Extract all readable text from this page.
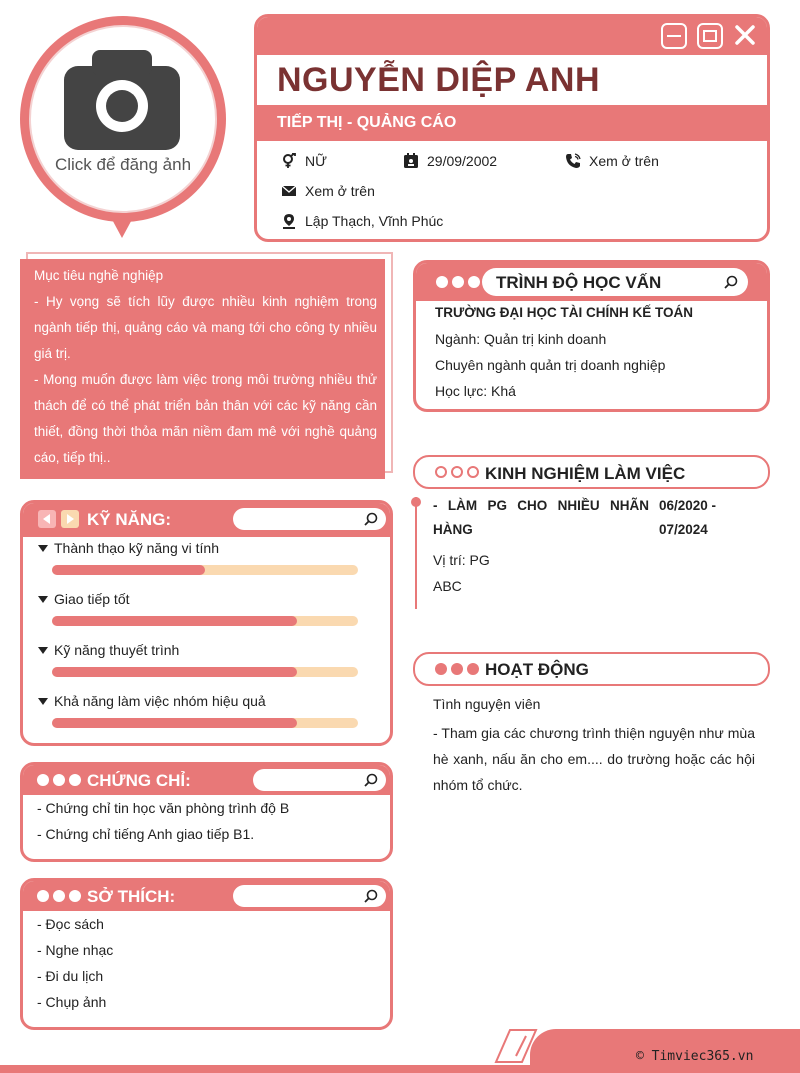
Click để đăng ảnh
NGUYỄN DIỆP ANH
TIẾP THỊ - QUẢNG CÁO
NỮ	29/09/2002	Xem ở trên
Xem ở trên
Lập Thạch, Vĩnh Phúc
Mục tiêu nghề nghiệp
- Hy vọng sẽ tích lũy được nhiều kinh nghiệm trong ngành tiếp thị, quảng cáo và mang tới cho công ty nhiều giá trị.
- Mong muốn được làm việc trong môi trường nhiều thử thách để có thể phát triển bản thân với các kỹ năng cần thiết, đồng thời thỏa mãn niềm đam mê với nghề quảng cáo, tiếp thị..
KỸ NĂNG:
Thành thạo kỹ năng vi tính
Giao tiếp tốt
Kỹ năng thuyết trình
Khả năng làm việc nhóm hiệu quả
CHỨNG CHỈ:
- Chứng chỉ tin học văn phòng trình độ B
- Chứng chỉ tiếng Anh giao tiếp B1.
SỞ THÍCH:
- Đọc sách
- Nghe nhạc
- Đi du lịch
- Chụp ảnh
TRÌNH ĐỘ HỌC VẤN
TRƯỜNG ĐẠI HỌC TÀI CHÍNH KẾ TOÁN
Ngành: Quản trị kinh doanh
Chuyên ngành quản trị doanh nghiệp
Học lực: Khá
KINH NGHIỆM LÀM VIỆC
- LÀM PG CHO NHIỀU NHÃN
HÀNG
06/2020 -
07/2024
Vị trí: PG
ABC
HOẠT ĐỘNG
Tình nguyện viên
- Tham gia các chương trình thiện nguyện như mùa hè xanh, nấu ăn cho em.... do trường hoặc các hội nhóm tổ chức.
© Timviec365.vn
